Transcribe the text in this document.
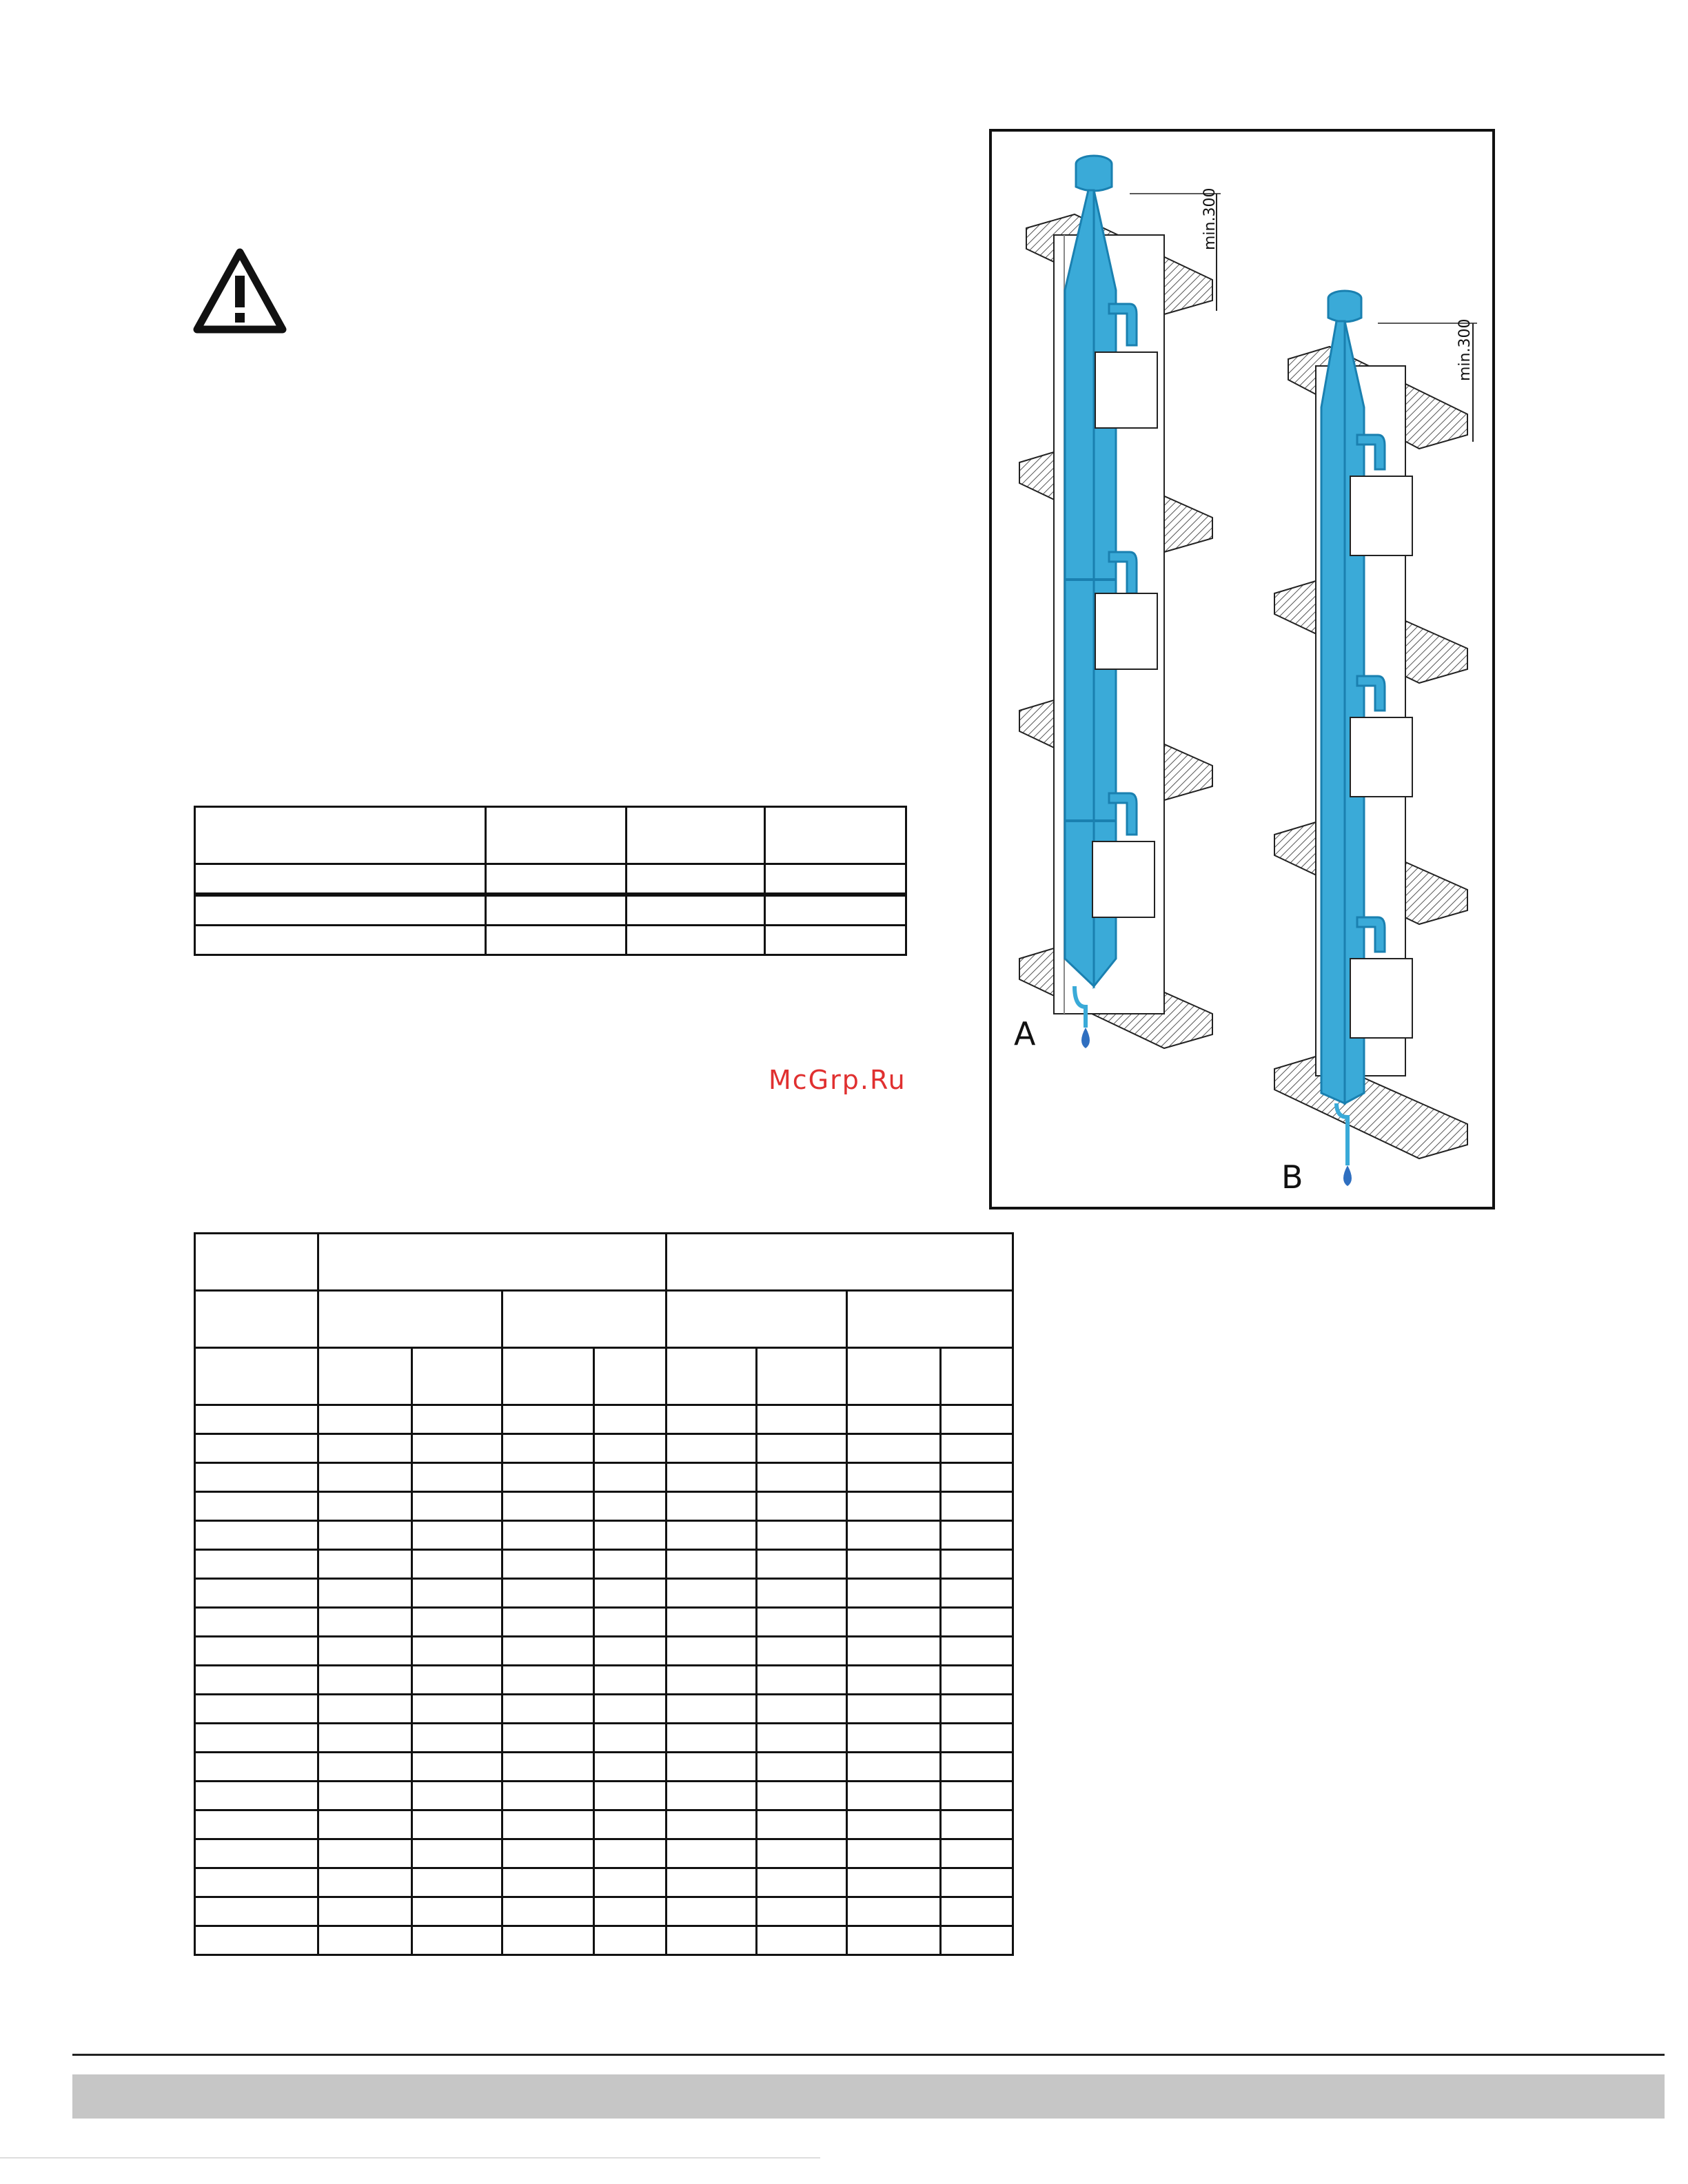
McGrp.Ru
min.300
min.300
A
B
